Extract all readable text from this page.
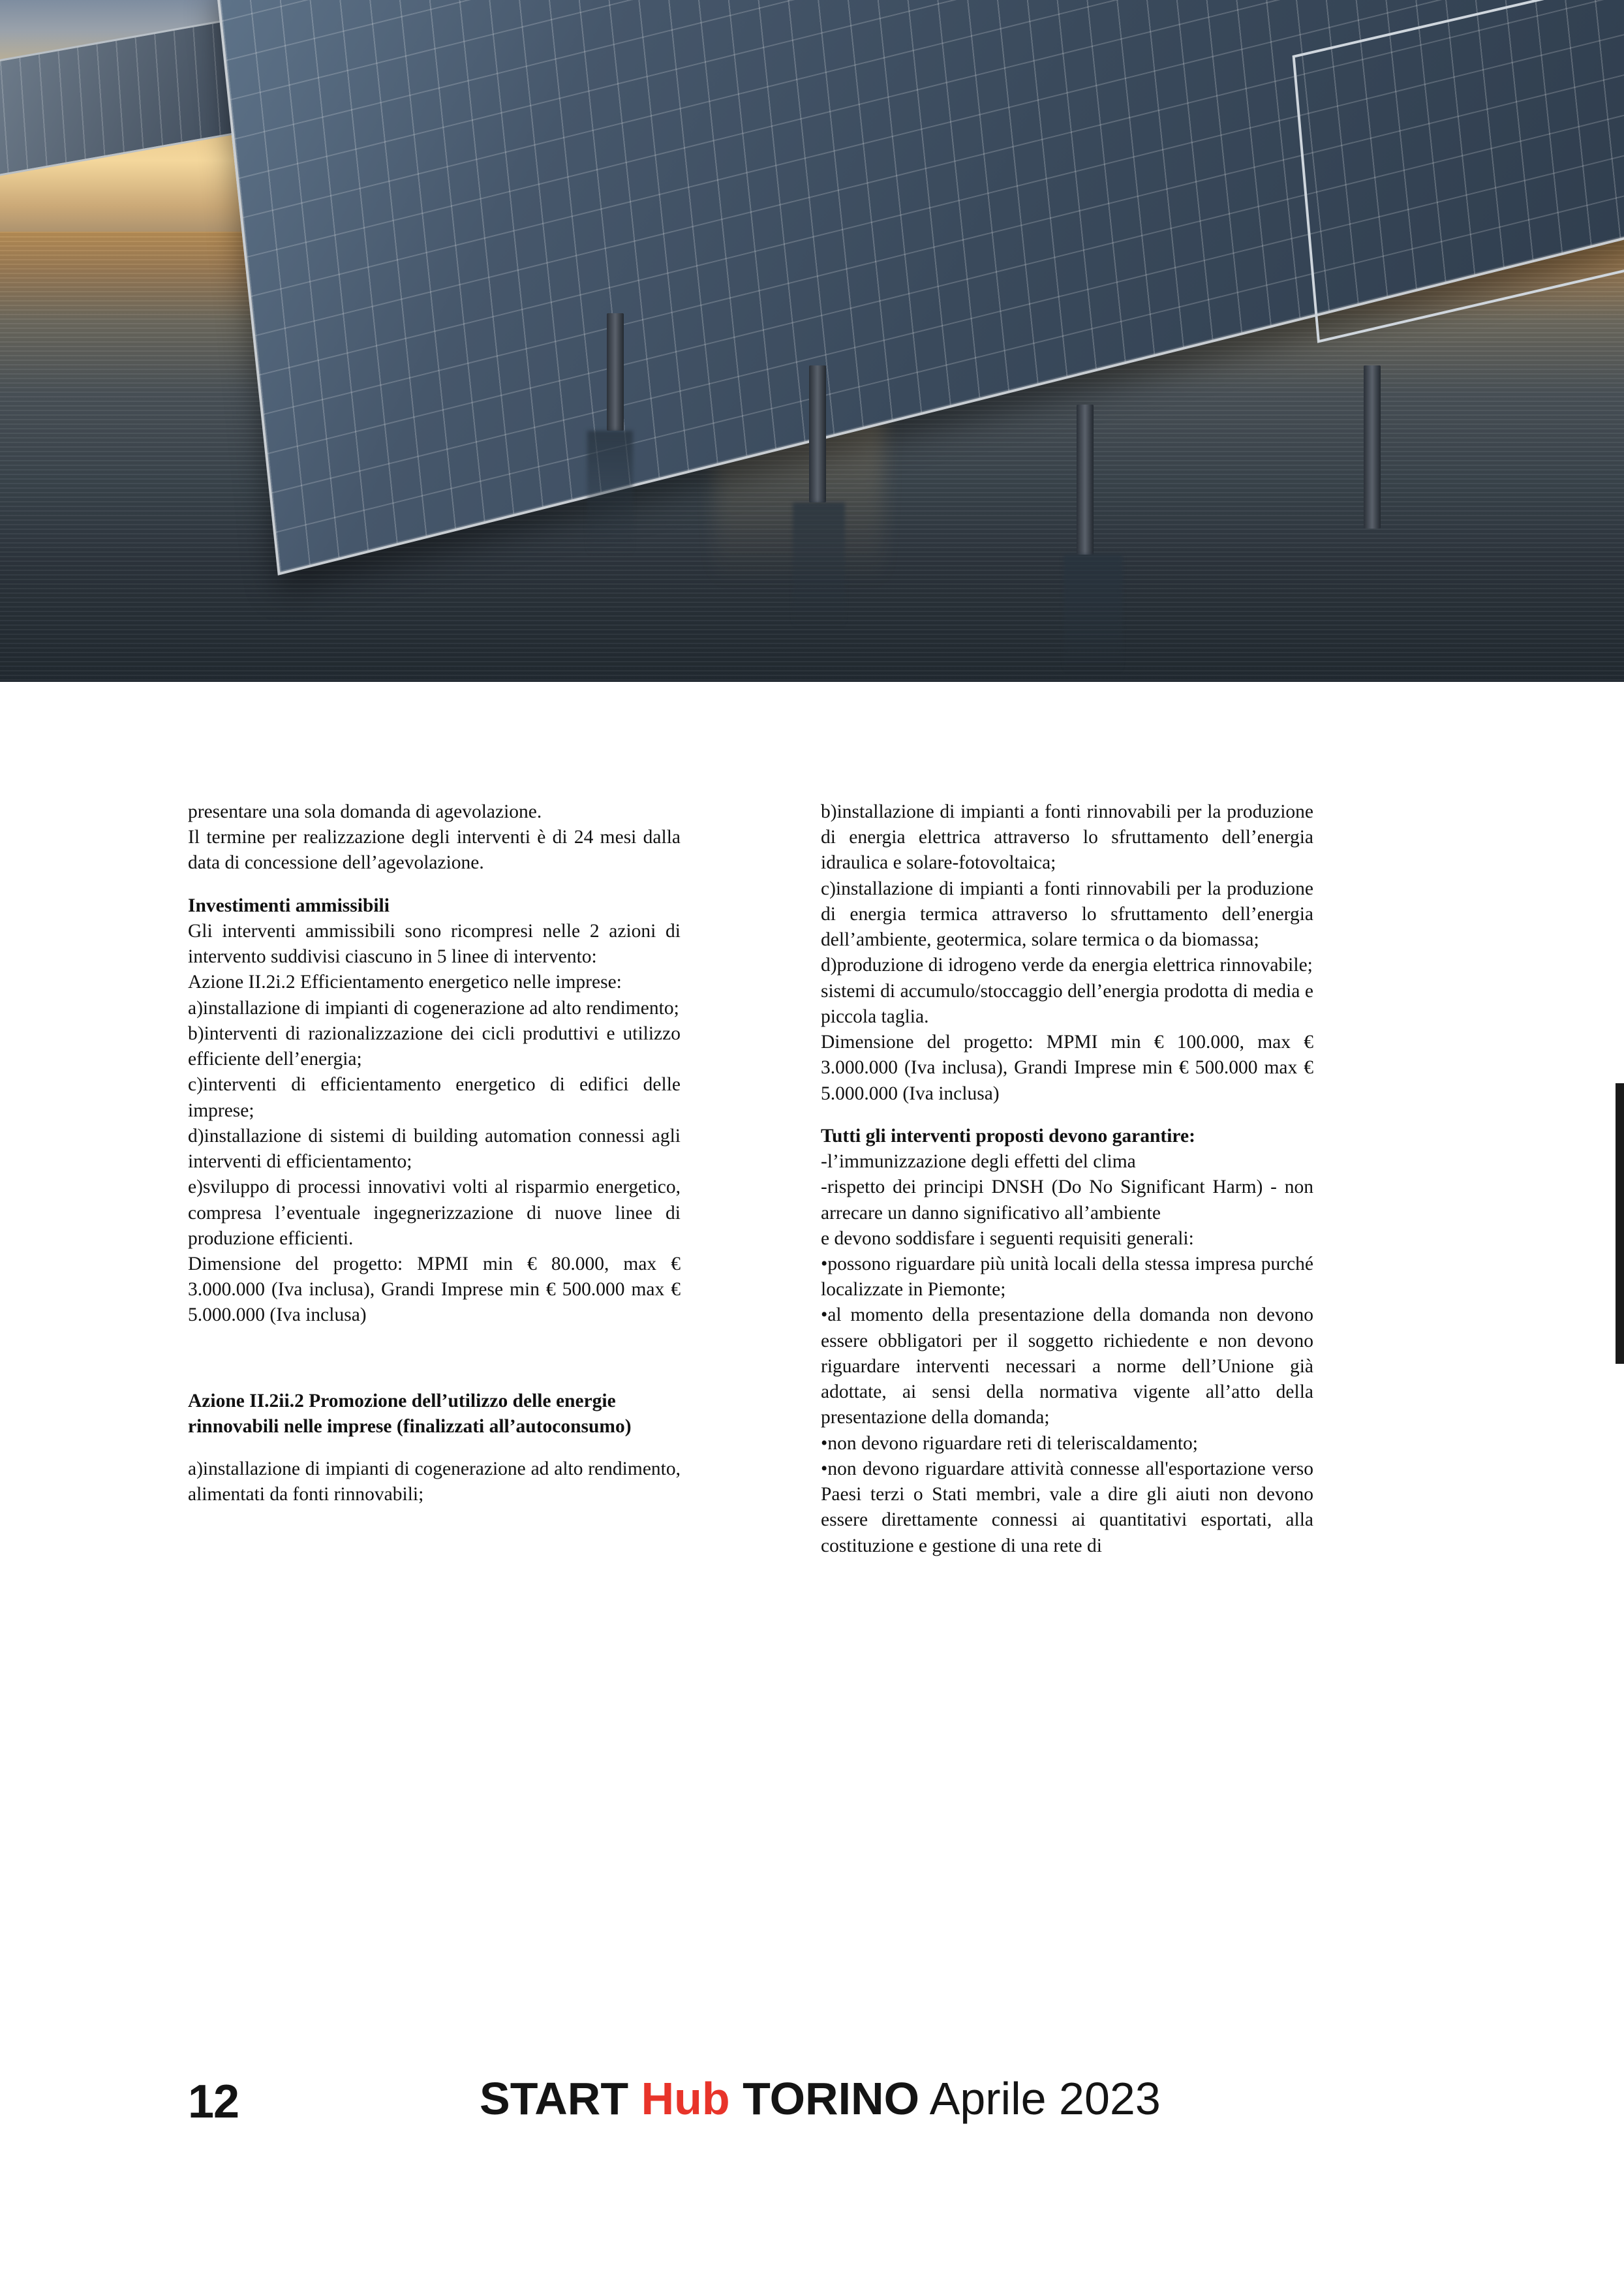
presentare una sola domanda di agevolazione.

Il termine per realizzazione degli interventi è di 24 mesi dalla data di concessione dell’agevolazione.

Investimenti ammissibili

Gli interventi ammissibili sono ricompresi nelle 2 azioni di intervento suddivisi ciascuno in 5 linee di intervento:

Azione II.2i.2 Efficientamento energetico nelle imprese:

a)installazione di impianti di cogenerazione ad alto rendimento;

b)interventi di razionalizzazione dei cicli produttivi e utilizzo efficiente dell’energia;

c)interventi di efficientamento energetico di edifici delle imprese;

d)installazione di sistemi di building automation connessi agli interventi di efficientamento;

e)sviluppo di processi innovativi volti al risparmio energetico, compresa l’eventuale ingegnerizzazione di nuove linee di produzione efficienti.

Dimensione del progetto: MPMI min € 80.000, max € 3.000.000 (Iva inclusa), Grandi Imprese min € 500.000 max € 5.000.000 (Iva inclusa)

Azione II.2ii.2 Promozione dell’utilizzo delle energie rinnovabili nelle imprese (finalizzati all’autoconsumo)

a)installazione di impianti di cogenerazione ad alto rendimento, alimentati da fonti rinnovabili;

b)installazione di impianti a fonti rinnovabili per la produzione di energia elettrica attraverso lo sfruttamento dell’energia idraulica e solare-fotovoltaica;

c)installazione di impianti a fonti rinnovabili per la produzione di energia termica attraverso lo sfruttamento dell’energia dell’ambiente, geotermica, solare termica o da biomassa;

d)produzione di idrogeno verde da energia elettrica rinnovabile;

sistemi di accumulo/stoccaggio dell’energia prodotta di media e piccola taglia.

Dimensione del progetto: MPMI min € 100.000, max € 3.000.000 (Iva inclusa), Grandi Imprese min € 500.000 max € 5.000.000 (Iva inclusa)

Tutti gli interventi proposti devono garantire:

-l’immunizzazione degli effetti del clima

-rispetto dei principi DNSH (Do No Significant Harm) - non arrecare un danno significativo all’ambiente

e devono soddisfare i seguenti requisiti generali:

•possono riguardare più unità locali della stessa impresa purché localizzate in Piemonte;

•al momento della presentazione della domanda non devono essere obbligatori per il soggetto richiedente e non devono riguardare interventi necessari a norme dell’Unione già adottate, ai sensi della normativa vigente all’atto della presentazione della domanda;

•non devono riguardare reti di teleriscaldamento;

•non devono riguardare attività connesse all'esportazione verso Paesi terzi o Stati membri, vale a dire gli aiuti non devono essere direttamente connessi ai quantitativi esportati, alla costituzione e gestione di una rete di

12	START Hub TORINO Aprile 2023
